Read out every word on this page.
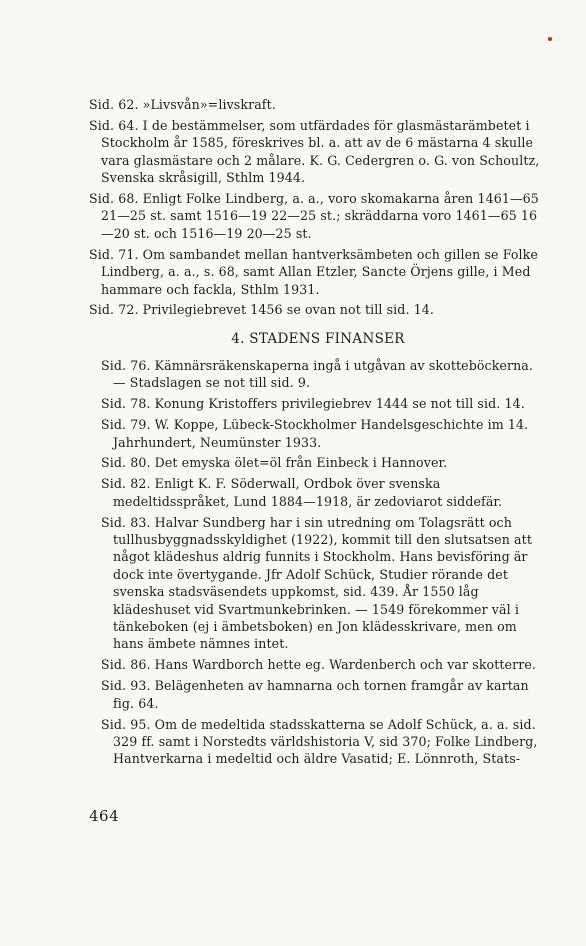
Sid. 62. »Livsvån»=livskraft.
Sid. 64. I de bestämmelser, som utfärdades för glasmästarämbetet i Stockholm år 1585, föreskrives bl. a. att av de 6 mästarna 4 skulle vara glasmästare och 2 målare. K. G. Cedergren o. G. von Schoultz, Svenska skråsigill, Sthlm 1944.
Sid. 68. Enligt Folke Lindberg, a. a., voro skomakarna åren 1461—65 21—25 st. samt 1516—19 22—25 st.; skräddarna voro 1461—65 16—20 st. och 1516—19 20—25 st.
Sid. 71. Om sambandet mellan hantverksämbeten och gillen se Folke Lindberg, a. a., s. 68, samt Allan Etzler, Sancte Örjens gille, i Med hammare och fackla, Sthlm 1931.
Sid. 72. Privilegiebrevet 1456 se ovan not till sid. 14.
4. STADENS FINANSER
Sid. 76. Kämnärsräkenskaperna ingå i utgåvan av skotteböckerna. — Stadslagen se not till sid. 9.
Sid. 78. Konung Kristoffers privilegiebrev 1444 se not till sid. 14.
Sid. 79. W. Koppe, Lübeck-Stockholmer Handelsgeschichte im 14. Jahrhundert, Neumünster 1933.
Sid. 80. Det emyska ölet=öl från Einbeck i Hannover.
Sid. 82. Enligt K. F. Söderwall, Ordbok över svenska medeltidsspråket, Lund 1884—1918, är zedoviarot siddefär.
Sid. 83. Halvar Sundberg har i sin utredning om Tolagsrätt och tullhusbyggnadsskyldighet (1922), kommit till den slutsatsen att något klädeshus aldrig funnits i Stockholm. Hans bevisföring är dock inte övertygande. Jfr Adolf Schück, Studier rörande det svenska stadsväsendets uppkomst, sid. 439. År 1550 låg klädeshuset vid Svartmunkebrinken. — 1549 förekommer väl i tänkeboken (ej i ämbetsboken) en Jon klädesskrivare, men om hans ämbete nämnes intet.
Sid. 86. Hans Wardborch hette eg. Wardenberch och var skotterre.
Sid. 93. Belägenheten av hamnarna och tornen framgår av kartan fig. 64.
Sid. 95. Om de medeltida stadsskatterna se Adolf Schück, a. a. sid. 329 ff. samt i Norstedts världshistoria V, sid 370; Folke Lindberg, Hantverkarna i medeltid och äldre Vasatid; E. Lönnroth, Stats-
464
